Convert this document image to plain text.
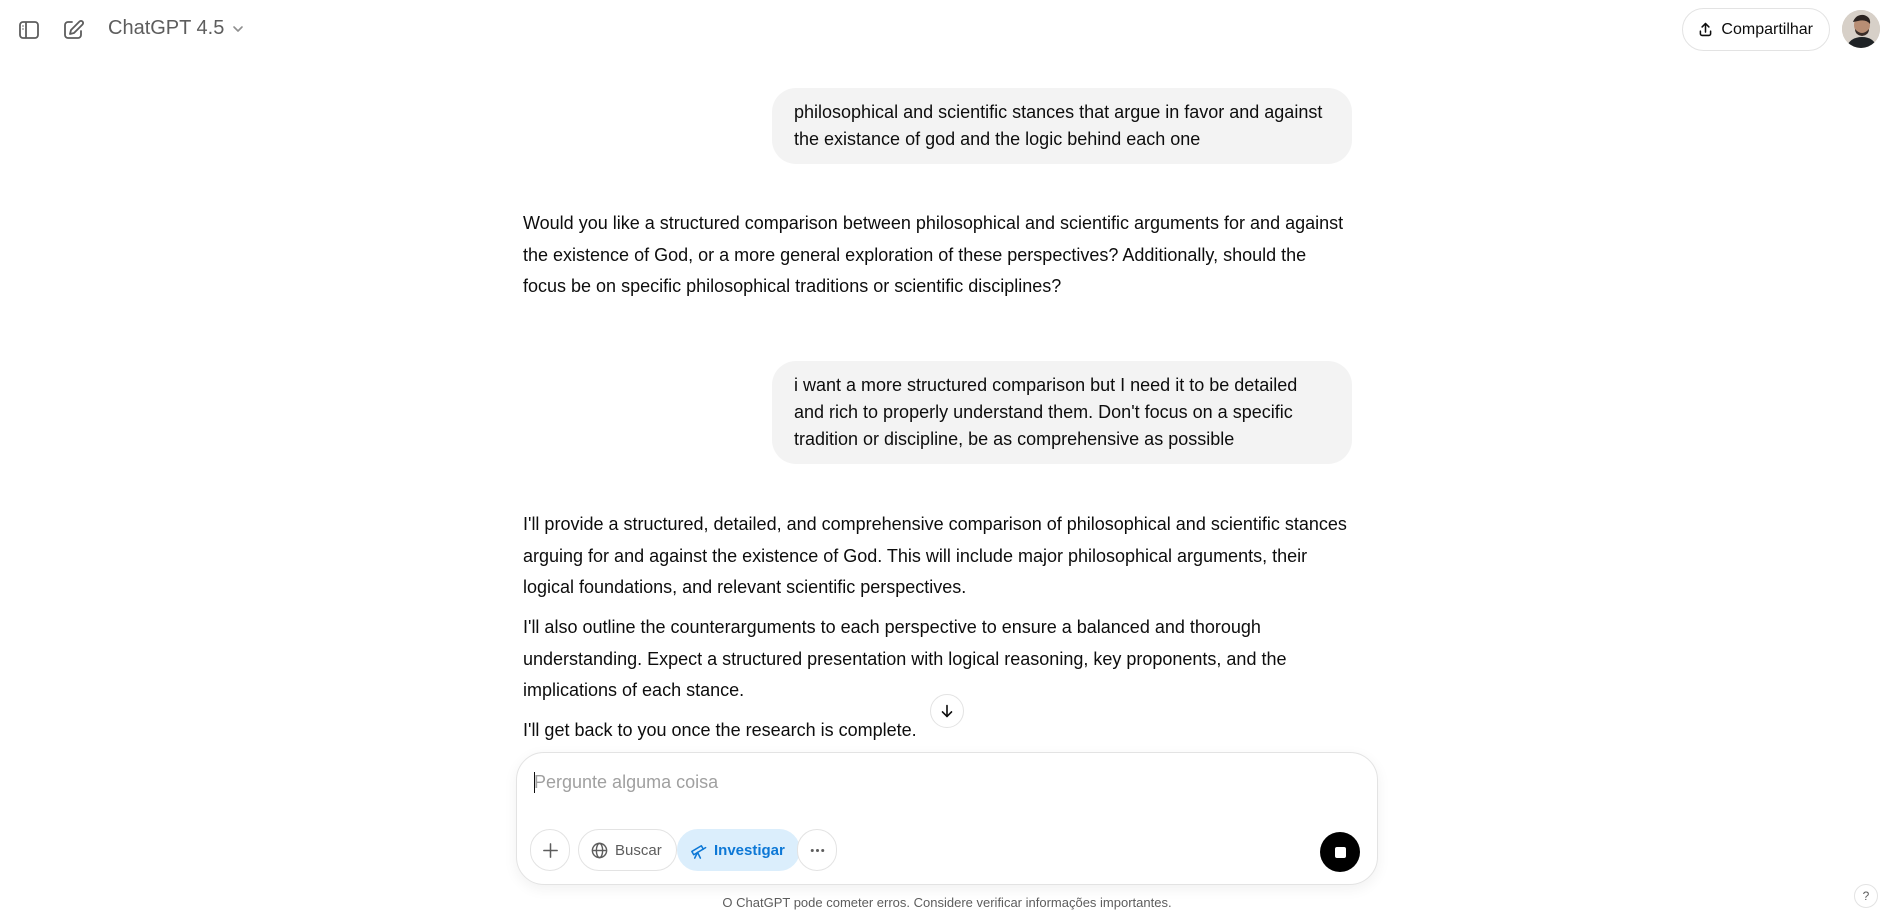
ChatGPT 4.5	Compartilhar
philosophical and scientific stances that argue in favor and against the existance of god and the logic behind each one

Would you like a structured comparison between philosophical and scientific arguments for and against the existence of God, or a more general exploration of these perspectives? Additionally, should the focus be on specific philosophical traditions or scientific disciplines?

i want a more structured comparison but I need it to be detailed and rich to properly understand them. Don't focus on a specific tradition or discipline, be as comprehensive as possible

I'll provide a structured, detailed, and comprehensive comparison of philosophical and scientific stances arguing for and against the existence of God. This will include major philosophical arguments, their logical foundations, and relevant scientific perspectives.

I'll also outline the counterarguments to each perspective to ensure a balanced and thorough understanding. Expect a structured presentation with logical reasoning, key proponents, and the implications of each stance.

I'll get back to you once the research is complete.

Pergunte alguma coisa
Buscar	Investigar
O ChatGPT pode cometer erros. Considere verificar informações importantes.	?
